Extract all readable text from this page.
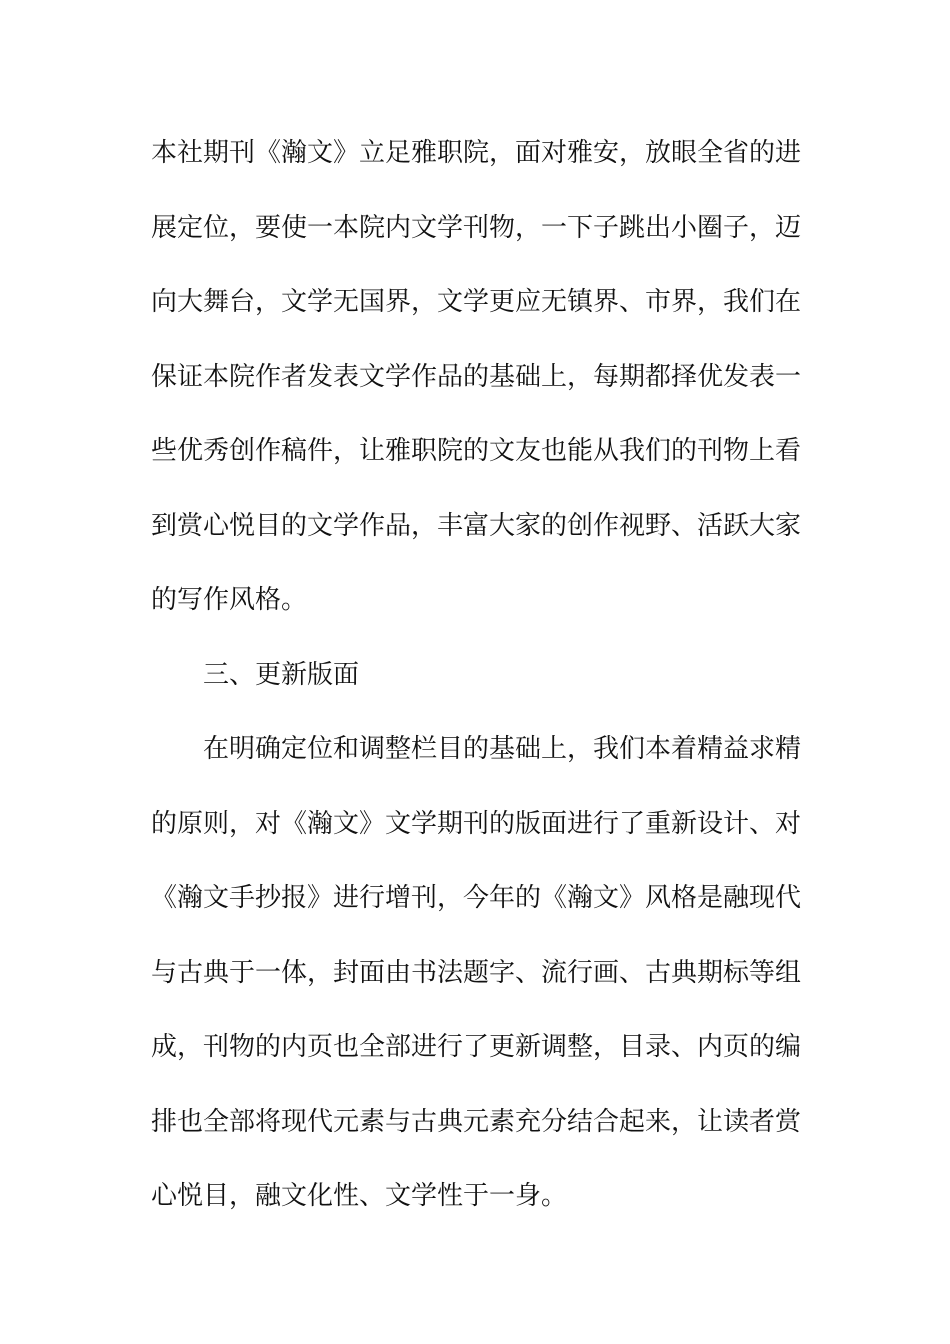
本社期刊《瀚文》立足雅职院，面对雅安，放眼全省的进
展定位，要使一本院内文学刊物，一下子跳出小圈子，迈
向大舞台，文学无国界，文学更应无镇界、市界，我们在
保证本院作者发表文学作品的基础上，每期都择优发表一
些优秀创作稿件，让雅职院的文友也能从我们的刊物上看
到赏心悦目的文学作品，丰富大家的创作视野、活跃大家
的写作风格。
三、更新版面
在明确定位和调整栏目的基础上，我们本着精益求精
的原则，对《瀚文》文学期刊的版面进行了重新设计、对
《瀚文手抄报》进行增刊，今年的《瀚文》风格是融现代
与古典于一体，封面由书法题字、流行画、古典期标等组
成，刊物的内页也全部进行了更新调整，目录、内页的编
排也全部将现代元素与古典元素充分结合起来，让读者赏
心悦目，融文化性、文学性于一身。
